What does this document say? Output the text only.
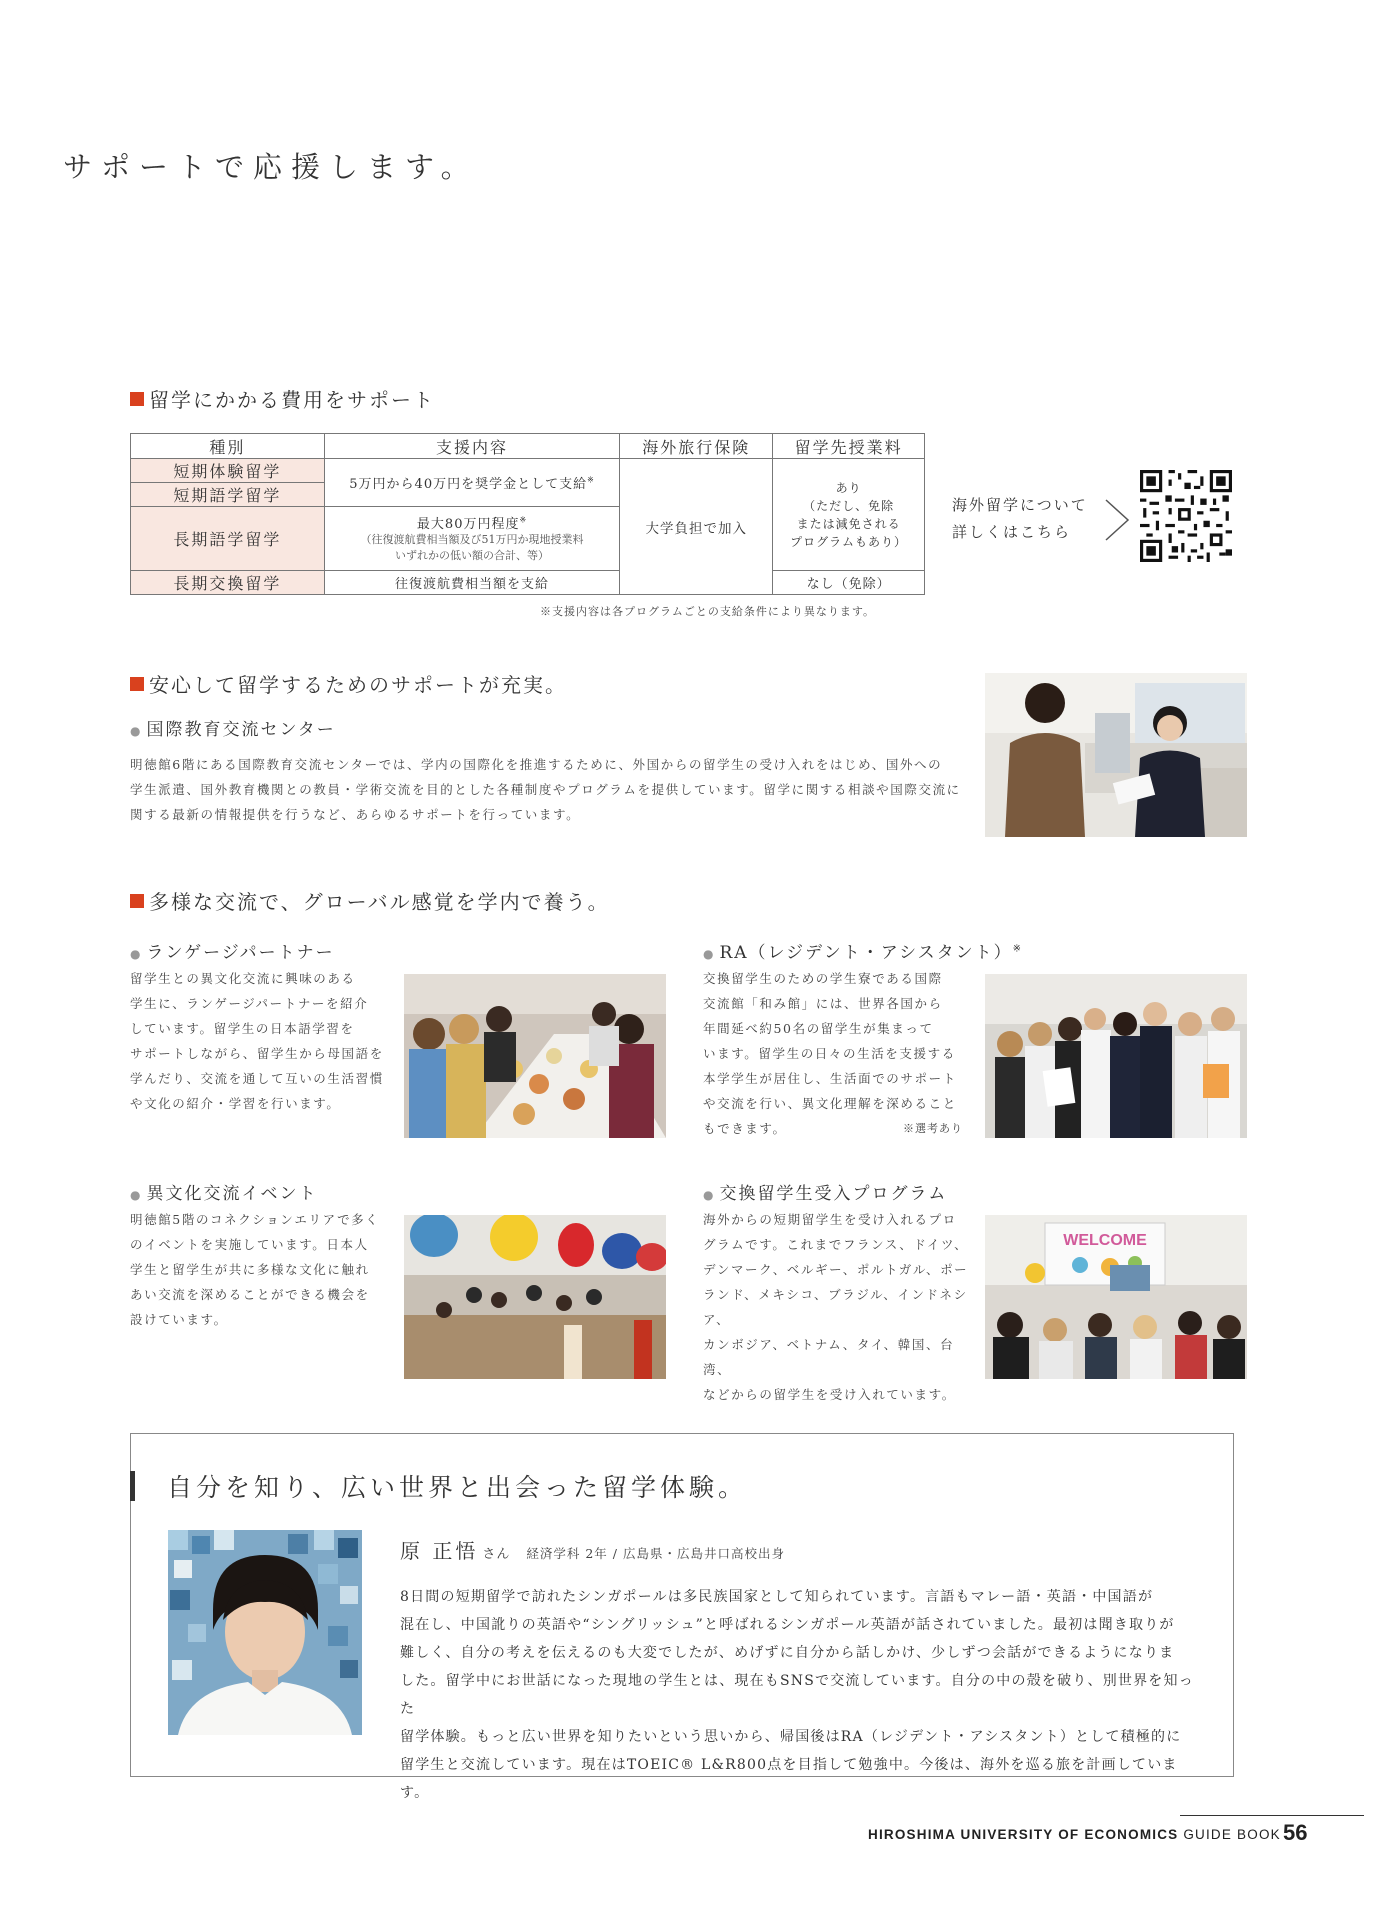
サポートで応援します。
留学にかかる費用をサポート
種別	支援内容	海外旅行保険	留学先授業料
短期体験留学	5万円から40万円を奨学金として支給※	大学負担で加入	あり
（ただし、免除
または減免される
プログラムもあり）

短期語学留学			
長期語学留学	最大80万円程度※
（往復渡航費相当額及び51万円か現地授業料
いずれかの低い額の合計、等）		

長期交換留学	往復渡航費相当額を支給		なし（免除）
※支援内容は各プログラムごとの支給条件により異なります。
海外留学について
詳しくはこちら
安心して留学するためのサポートが充実。
● 国際教育交流センター
明徳館6階にある国際教育交流センターでは、学内の国際化を推進するために、外国からの留学生の受け入れをはじめ、国外への
学生派遣、国外教育機関との教員・学術交流を目的とした各種制度やプログラムを提供しています。留学に関する相談や国際交流に
関する最新の情報提供を行うなど、あらゆるサポートを行っています。
多様な交流で、グローバル感覚を学内で養う。
● ランゲージパートナー
留学生との異文化交流に興味のある
学生に、ランゲージパートナーを紹介
しています。留学生の日本語学習を
サポートしながら、留学生から母国語を
学んだり、交流を通して互いの生活習慣
や文化の紹介・学習を行います。
● RA（レジデント・アシスタント）※
交換留学生のための学生寮である国際
交流館「和み館」には、世界各国から
年間延べ約50名の留学生が集まって
います。留学生の日々の生活を支援する
本学学生が居住し、生活面でのサポート
や交流を行い、異文化理解を深めること
もできます。	※選考あり
● 異文化交流イベント
明徳館5階のコネクションエリアで多く
のイベントを実施しています。日本人
学生と留学生が共に多様な文化に触れ
あい交流を深めることができる機会を
設けています。
● 交換留学生受入プログラム
海外からの短期留学生を受け入れるプロ
グラムです。これまでフランス、ドイツ、
デンマーク、ベルギー、ポルトガル、ポー
ランド、メキシコ、ブラジル、インドネシア、
カンボジア、ベトナム、タイ、韓国、台湾、
などからの留学生を受け入れています。
WELCOME
自分を知り、広い世界と出会った留学体験。
原 正悟 さん 経済学科 2年 / 広島県・広島井口高校出身
8日間の短期留学で訪れたシンガポールは多民族国家として知られています。言語もマレー語・英語・中国語が
混在し、中国訛りの英語や“シングリッシュ”と呼ばれるシンガポール英語が話されていました。最初は聞き取りが
難しく、自分の考えを伝えるのも大変でしたが、めげずに自分から話しかけ、少しずつ会話ができるようになりま
した。留学中にお世話になった現地の学生とは、現在もSNSで交流しています。自分の中の殻を破り、別世界を知った
留学体験。もっと広い世界を知りたいという思いから、帰国後はRA（レジデント・アシスタント）として積極的に
留学生と交流しています。現在はTOEIC® L&R800点を目指して勉強中。今後は、海外を巡る旅を計画しています。
HIROSHIMA UNIVERSITY OF ECONOMICS GUIDE BOOK 56
